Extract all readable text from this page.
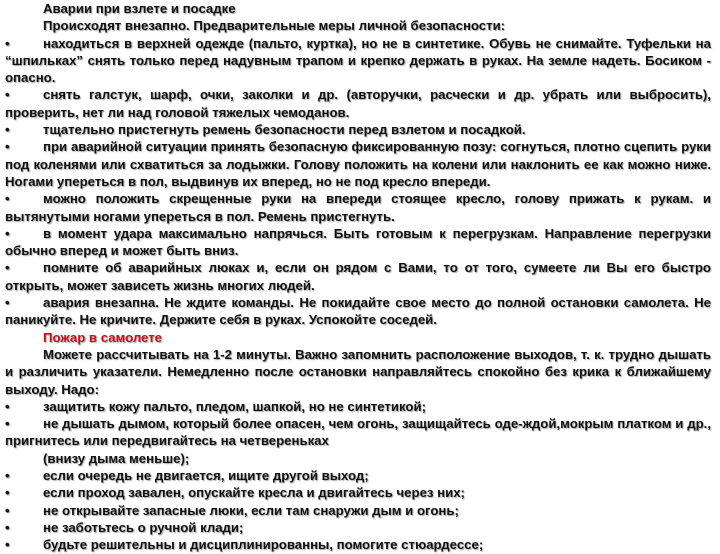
Аварии при взлете и посадке

Происходят внезапно. Предварительные меры личной безопасности:

•	находиться в верхней одежде (пальто, куртка), но не в синтетике. Обувь не снимайте. Туфельки на “шпильках” снять только перед надувным трапом и крепко держать в руках. На земле надеть. Босиком - опасно.

•	снять галстук, шарф, очки, заколки и др. (авторучки, расчески и др. убрать или выбросить), проверить, нет ли над головой тяжелых чемоданов.

•	тщательно пристегнуть ремень безопасности перед взлетом и посадкой.

•	при аварийной ситуации принять безопасную фиксированную позу: согнуться, плотно сцепить руки под коленями или схватиться за лодыжки. Голову положить на колени или наклонить ее как можно ниже. Ногами упереться в пол, выдвинув их вперед, но не под кресло впереди.

•	можно положить скрещенные руки на впереди стоящее кресло, голову прижать к рукам. и вытянутыми ногами упереться в пол. Ремень пристегнуть.

•	в момент удара максимально напрячься. Быть готовым к перегрузкам. Направление перегрузки обычно вперед и может быть вниз.

•	помните об аварийных люках и, если он рядом с Вами, то от того, сумеете ли Вы его быстро открыть, может зависеть жизнь многих людей.

•	авария внезапна. Не ждите команды. Не покидайте свое место до полной остановки самолета. Не паникуйте. Не кричите. Держите себя в руках. Успокойте соседей.

Пожар в самолете

Можете рассчитывать на 1-2 минуты. Важно запомнить расположение выходов, т. к. трудно дышать и различить указатели. Немедленно после остановки направляйтесь спокойно без крика к ближайшему выходу. Надо:

•	защитить кожу пальто, пледом, шапкой, но не синтетикой;

•	не дышать дымом, который более опасен, чем огонь, защищайтесь оде-ждой,мокрым платком и др., пригнитесь или передвигайтесь на четвереньках

(внизу дыма меньше);

•	если очередь не двигается, ищите другой выход;

•	если проход завален, опускайте кресла и двигайтесь через них;

•	не открывайте запасные люки, если там снаружи дым и огонь;

•	не заботьтесь о ручной клади;

•	будьте решительны и дисциплинированны, помогите стюардессе;
